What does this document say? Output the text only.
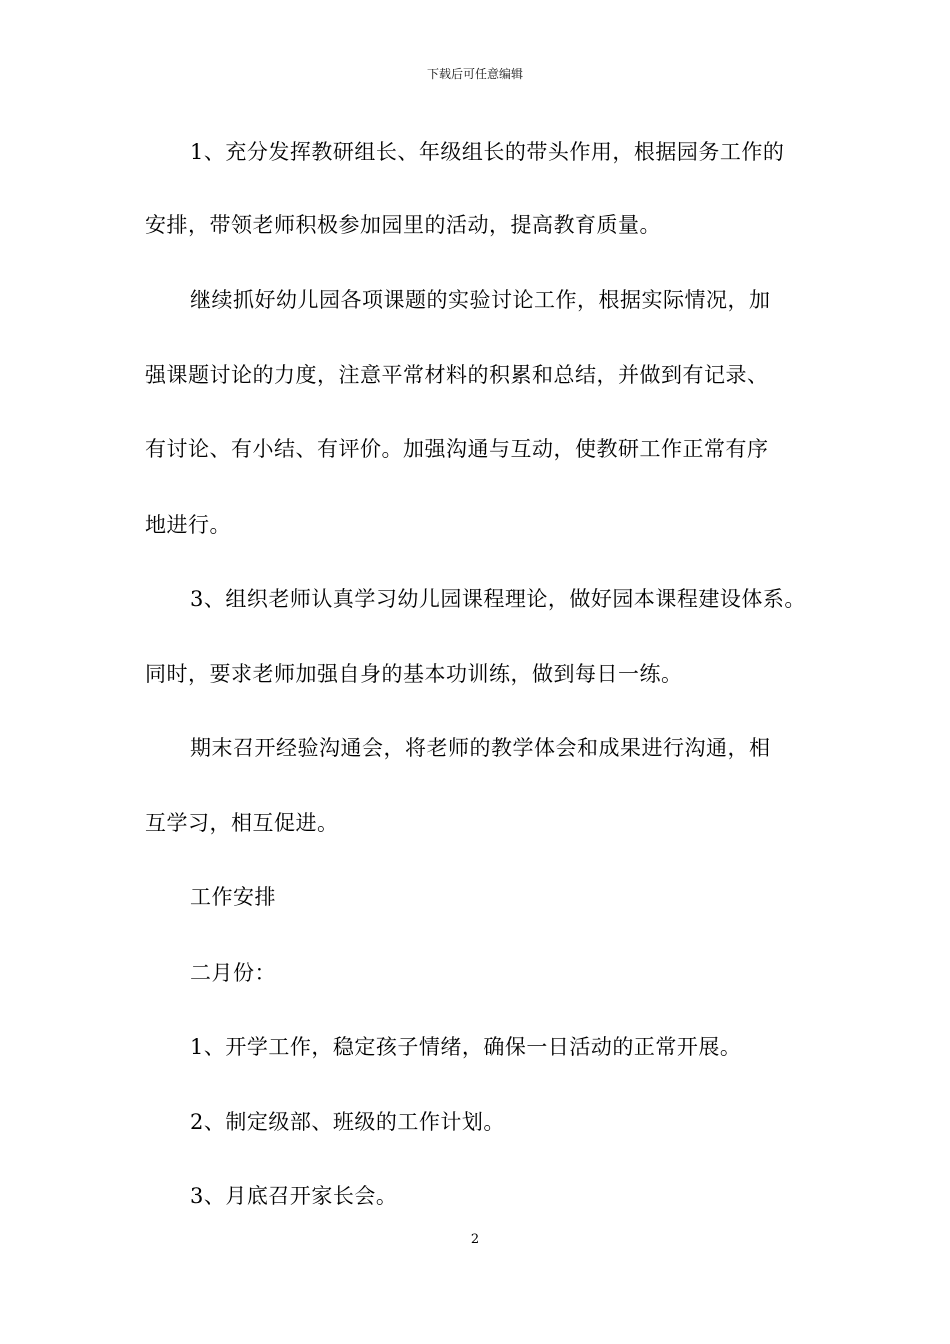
下载后可任意编辑
1、充分发挥教研组长、年级组长的带头作用，根据园务工作的
安排，带领老师积极参加园里的活动，提高教育质量。
继续抓好幼儿园各项课题的实验讨论工作，根据实际情况，加
强课题讨论的力度，注意平常材料的积累和总结，并做到有记录、
有讨论、有小结、有评价。加强沟通与互动，使教研工作正常有序
地进行。
3、组织老师认真学习幼儿园课程理论，做好园本课程建设体系。
同时，要求老师加强自身的基本功训练，做到每日一练。
期末召开经验沟通会，将老师的教学体会和成果进行沟通，相
互学习，相互促进。
工作安排
二月份：
1、开学工作，稳定孩子情绪，确保一日活动的正常开展。
2、制定级部、班级的工作计划。
3、月底召开家长会。
2
